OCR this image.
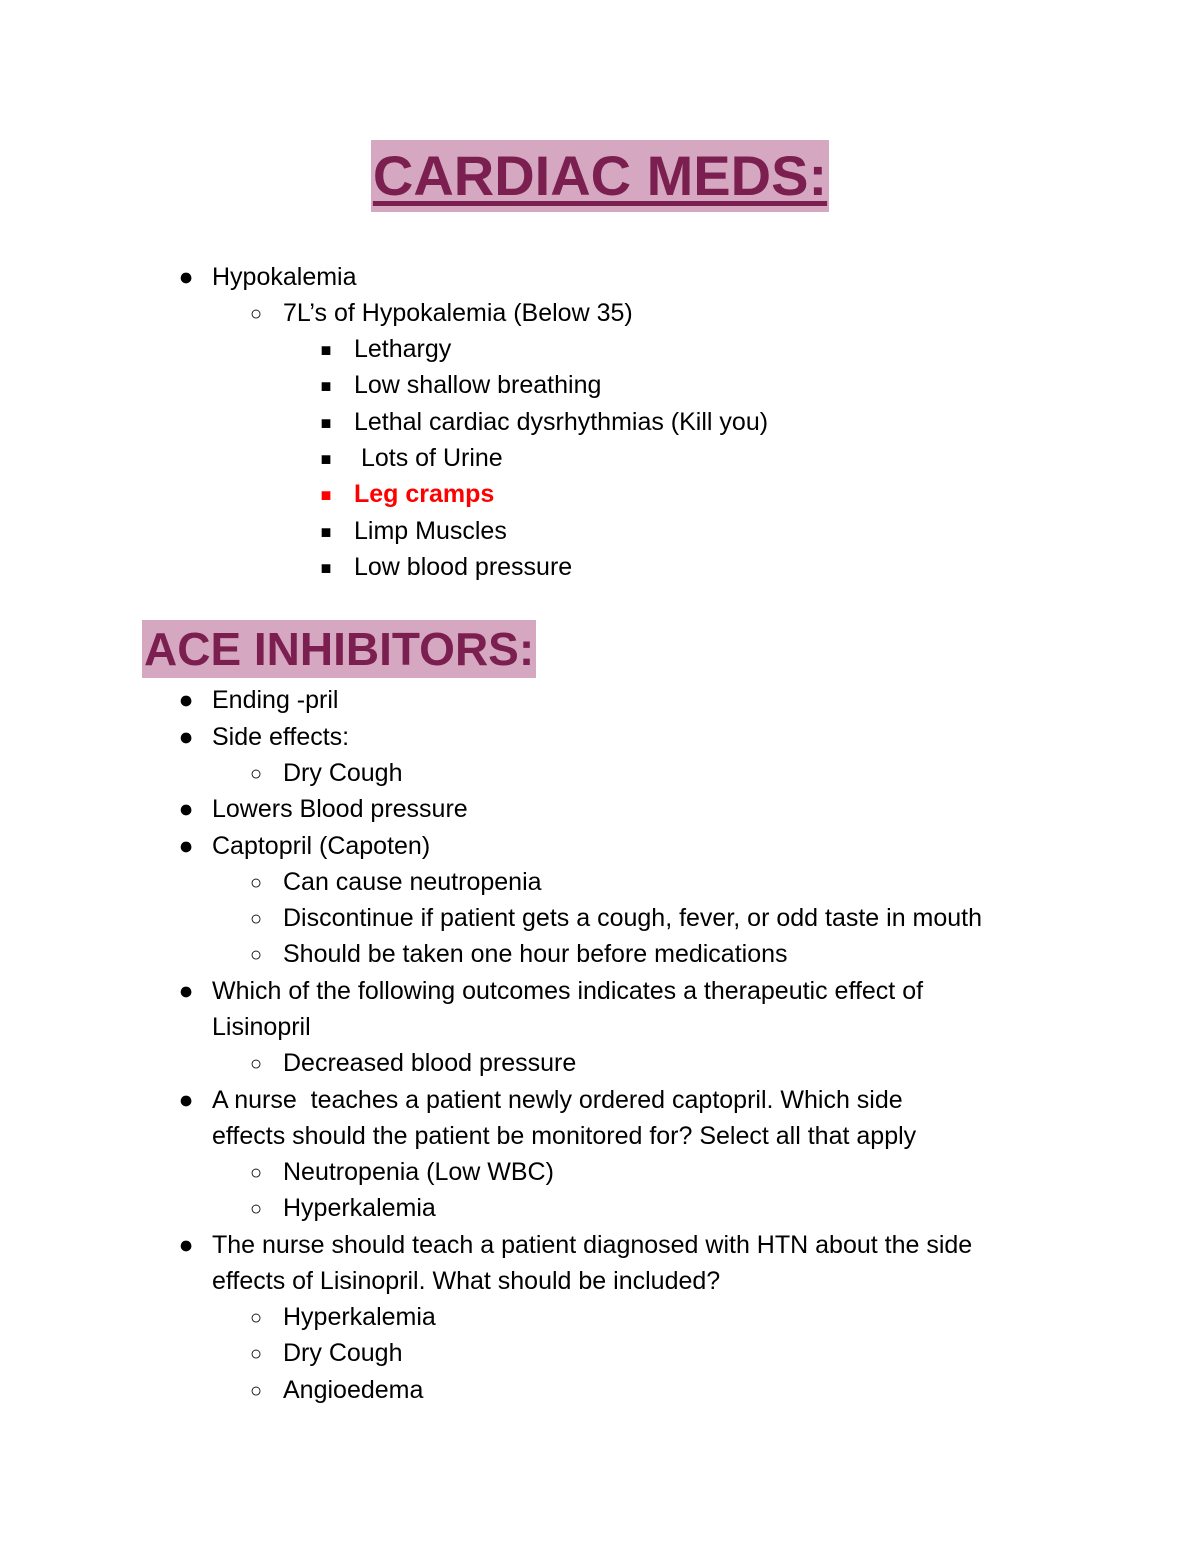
CARDIAC MEDS:
● Hypokalemia
○ 7L’s of Hypokalemia (Below 35)
■ Lethargy
■ Low shallow breathing
■ Lethal cardiac dysrhythmias (Kill you)
■ Lots of Urine
■ Leg cramps
■ Limp Muscles
■ Low blood pressure
ACE INHIBITORS:
● Ending -pril
● Side effects:
○ Dry Cough
● Lowers Blood pressure
● Captopril (Capoten)
○ Can cause neutropenia
○ Discontinue if patient gets a cough, fever, or odd taste in mouth
○ Should be taken one hour before medications
● Which of the following outcomes indicates a therapeutic effect of
Lisinopril
○ Decreased blood pressure
● A nurse  teaches a patient newly ordered captopril. Which side
effects should the patient be monitored for? Select all that apply
○ Neutropenia (Low WBC)
○ Hyperkalemia
● The nurse should teach a patient diagnosed with HTN about the side
effects of Lisinopril. What should be included?
○ Hyperkalemia
○ Dry Cough
○ Angioedema
